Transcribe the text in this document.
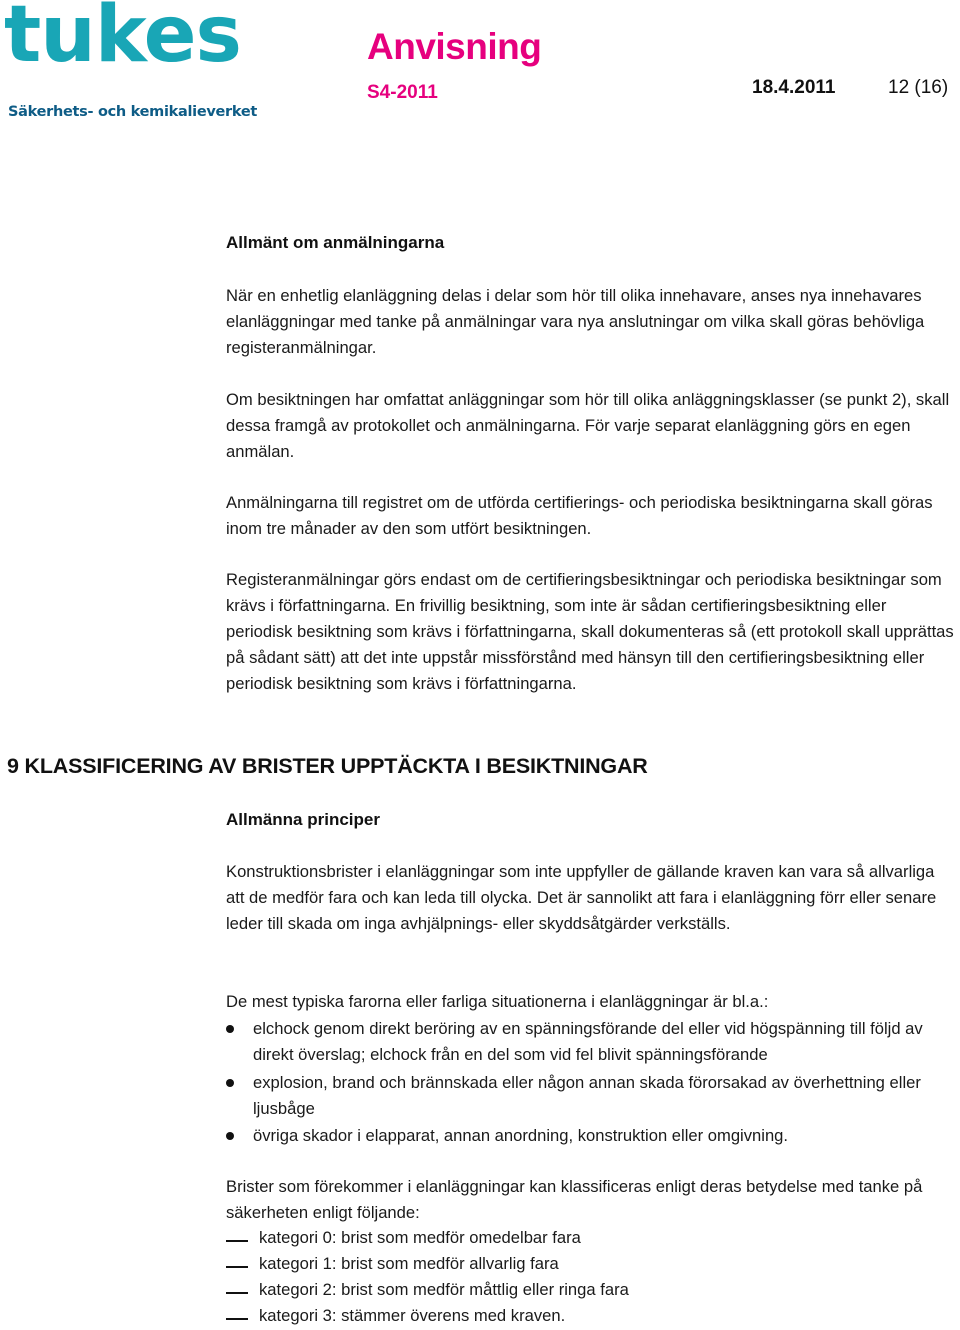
tukes
Säkerhets- och kemikalieverket
Anvisning
S4-2011	18.4.2011	12 (16)
Allmänt om anmälningarna

När en enhetlig elanläggning delas i delar som hör till olika innehavare, anses nya innehavares elanläggningar med tanke på anmälningar vara nya anslutningar om vilka skall göras behövliga registeranmälningar.

Om besiktningen har omfattat anläggningar som hör till olika anläggningsklasser (se punkt 2), skall dessa framgå av protokollet och anmälningarna. För varje separat elanläggning görs en egen anmälan.

Anmälningarna till registret om de utförda certifierings- och periodiska besiktningarna skall göras inom tre månader av den som utfört besiktningen.

Registeranmälningar görs endast om de certifieringsbesiktningar och periodiska besiktningar som krävs i författningarna. En frivillig besiktning, som inte är sådan certifieringsbesiktning eller periodisk besiktning som krävs i författningarna, skall dokumenteras så (ett protokoll skall upprättas på sådant sätt) att det inte uppstår missförstånd med hänsyn till den certifieringsbesiktning eller periodisk besiktning som krävs i författningarna.

9 KLASSIFICERING AV BRISTER UPPTÄCKTA I BESIKTNINGAR
Allmänna principer

Konstruktionsbrister i elanläggningar som inte uppfyller de gällande kraven kan vara så allvarliga att de medför fara och kan leda till olycka. Det är sannolikt att fara i elanläggning förr eller senare leder till skada om inga avhjälpnings- eller skyddsåtgärder verkställs.

De mest typiska farorna eller farliga situationerna i elanläggningar är bl.a.:

elchock genom direkt beröring av en spänningsförande del eller vid högspänning till följd av direkt överslag; elchock från en del som vid fel blivit spänningsförande
explosion, brand och brännskada eller någon annan skada förorsakad av överhettning eller ljusbåge
övriga skador i elapparat, annan anordning, konstruktion eller omgivning.

Brister som förekommer i elanläggningar kan klassificeras enligt deras betydelse med tanke på säkerheten enligt följande:

kategori 0: brist som medför omedelbar fara
kategori 1: brist som medför allvarlig fara
kategori 2: brist som medför måttlig eller ringa fara
kategori 3: stämmer överens med kraven.
